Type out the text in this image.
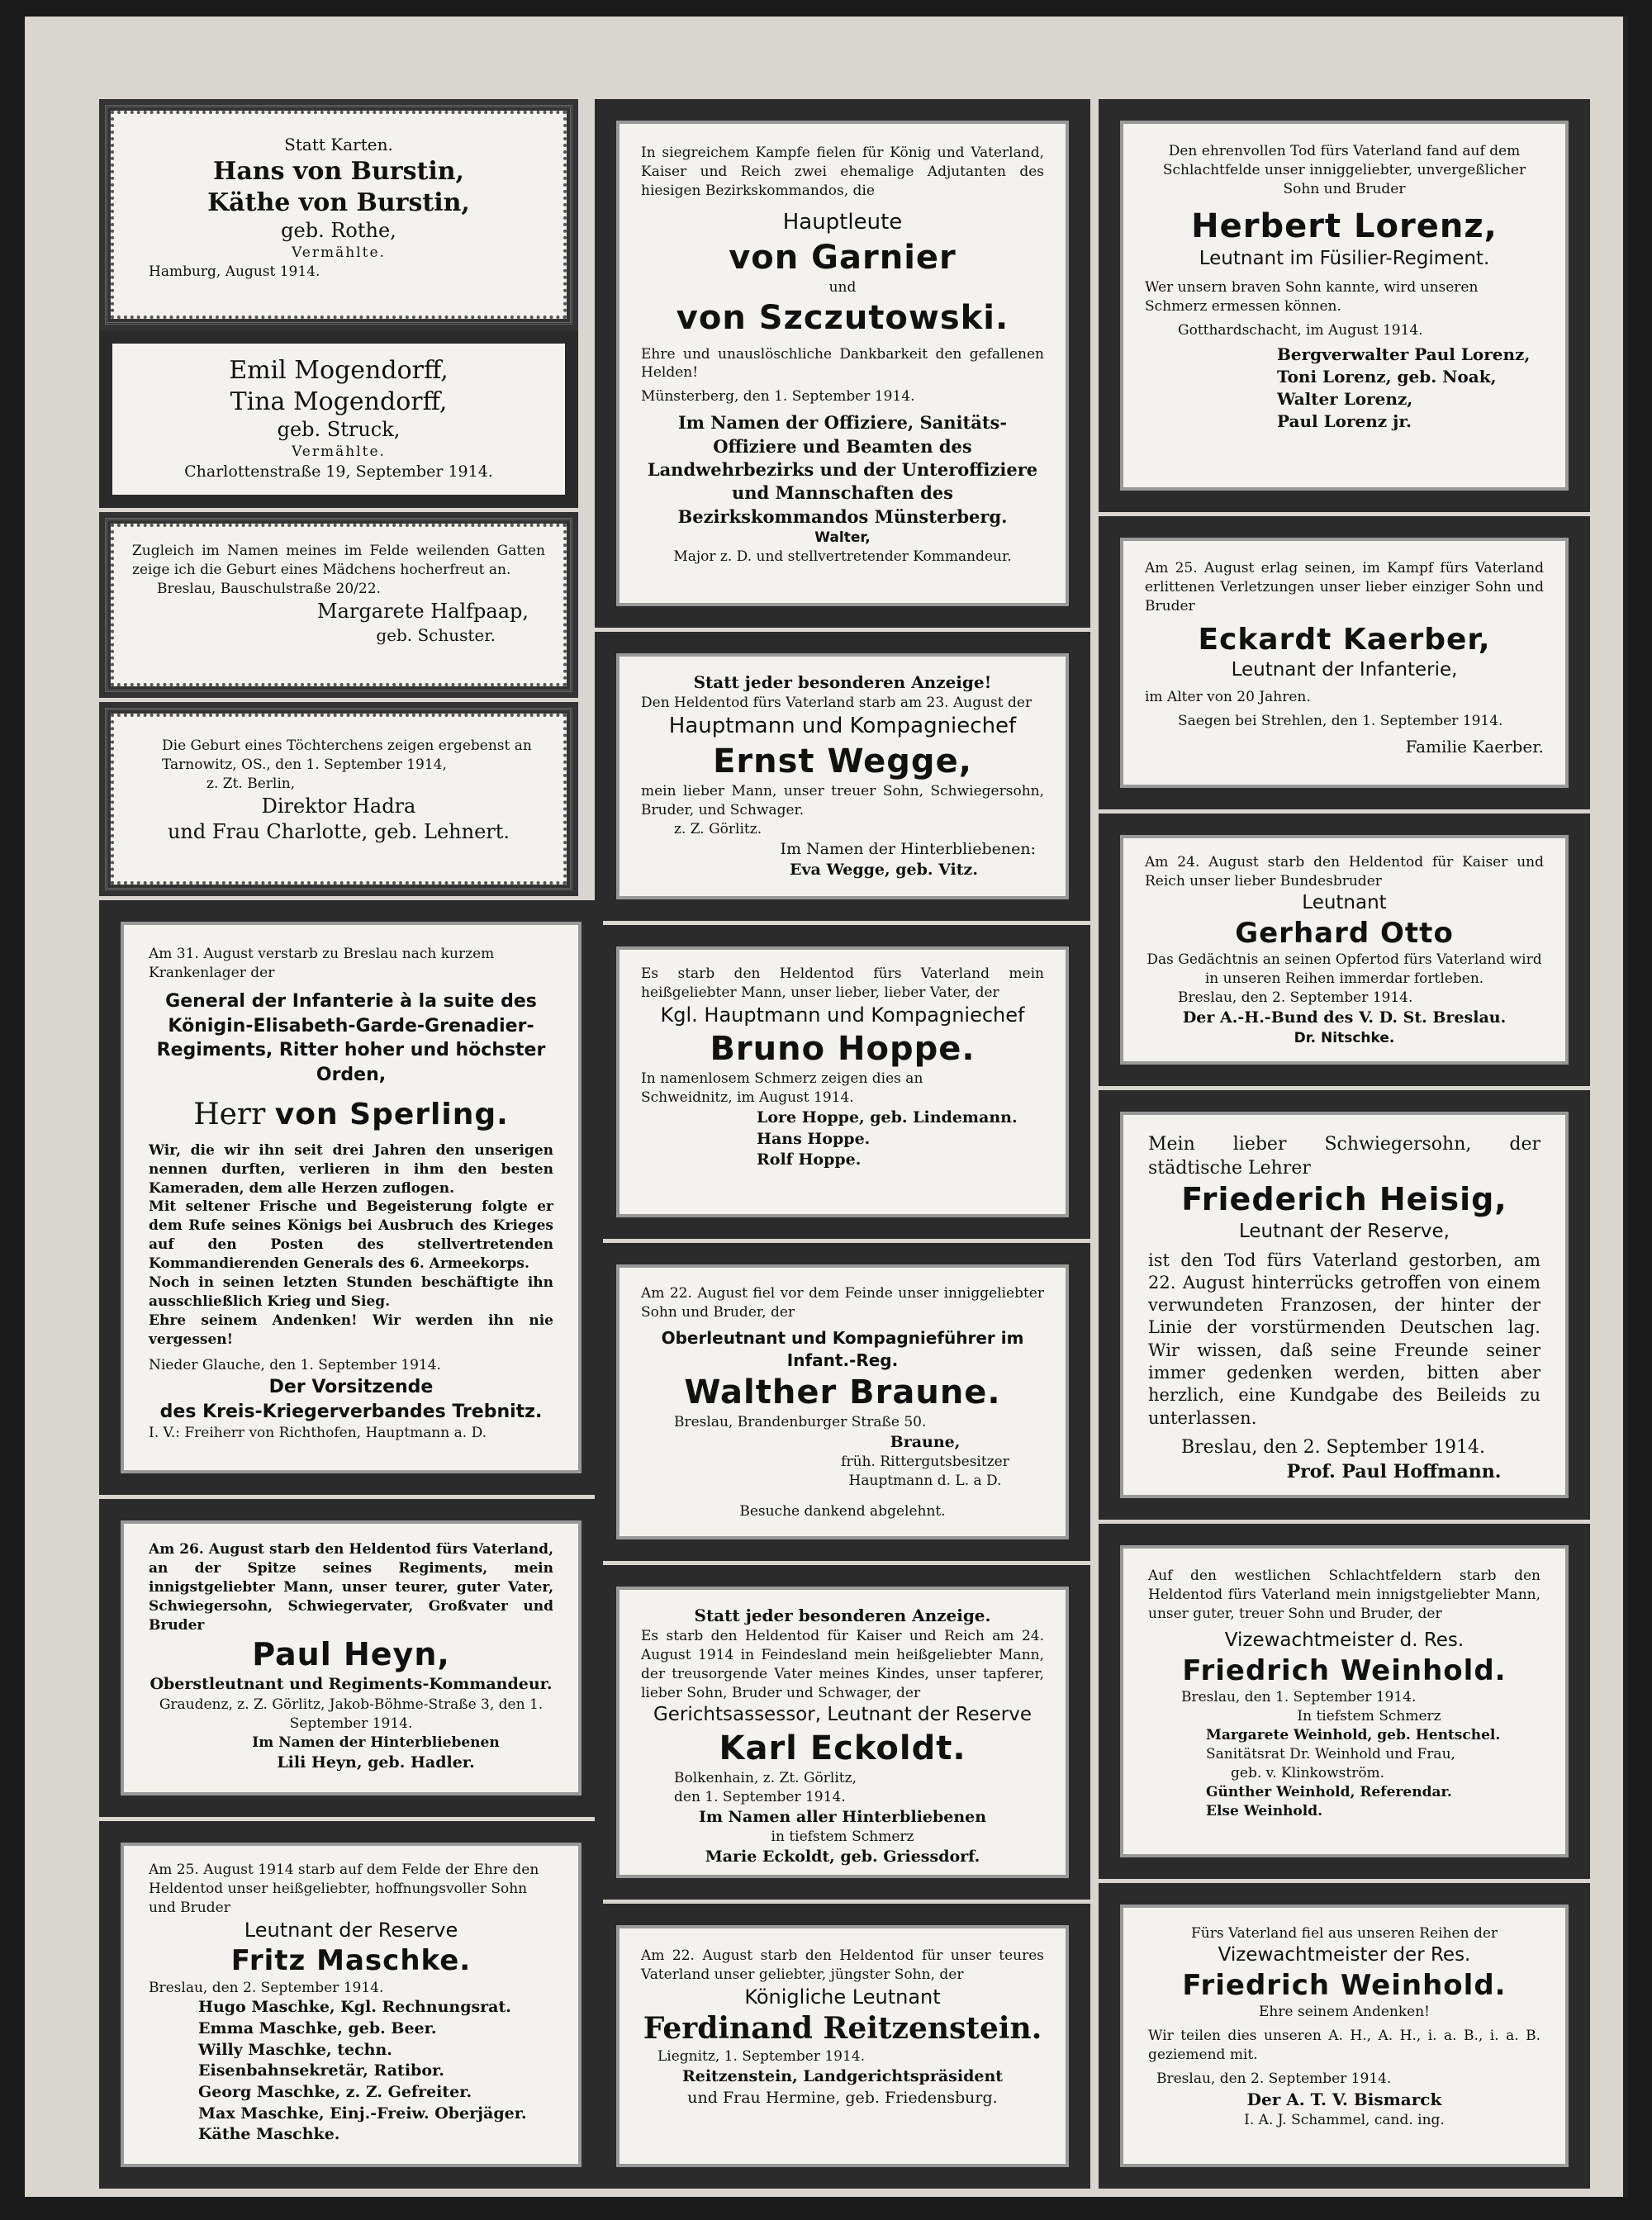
Statt Karten.
Hans von Burstin,
Käthe von Burstin,
geb. Rothe,
Vermählte.
Hamburg, August 1914.
Emil Mogendorff,
Tina Mogendorff,
geb. Struck,
Vermählte.
Charlottenstraße 19, September 1914.
Zugleich im Namen meines im Felde weilenden Gatten zeige ich die Geburt eines Mädchens hocherfreut an.
Breslau, Bauschulstraße 20/22.
Margarete Halfpaap,
geb. Schuster.
Die Geburt eines Töchterchens zeigen ergebenst an
Tarnowitz, OS., den 1. September 1914,
z. Zt. Berlin,
Direktor Hadra
und Frau Charlotte, geb. Lehnert.
Am 31. August verstarb zu Breslau nach kurzem Krankenlager der
General der Infanterie à la suite des Königin-Elisabeth-Garde-Grenadier-Regiments, Ritter hoher und höchster Orden,
Herr von Sperling.
Wir, die wir ihn seit drei Jahren den unserigen nennen durften, verlieren in ihm den besten Kameraden, dem alle Herzen zuflogen.
Mit seltener Frische und Begeisterung folgte er dem Rufe seines Königs bei Ausbruch des Krieges auf den Posten des stellvertretenden Kommandierenden Generals des 6. Armeekorps.
Noch in seinen letzten Stunden beschäftigte ihn ausschließlich Krieg und Sieg.
Ehre seinem Andenken! Wir werden ihn nie vergessen!
Nieder Glauche, den 1. September 1914.
Der Vorsitzende
des Kreis-Kriegerverbandes Trebnitz.
I. V.: Freiherr von Richthofen, Hauptmann a. D.
Am 26. August starb den Heldentod fürs Vaterland, an der Spitze seines Regiments, mein innigstgeliebter Mann, unser teurer, guter Vater, Schwiegersohn, Schwiegervater, Großvater und Bruder
Paul Heyn,
Oberstleutnant und Regiments-Kommandeur.
Graudenz, z. Z. Görlitz, Jakob-Böhme-Straße 3, den 1. September 1914.
Im Namen der Hinterbliebenen
Lili Heyn, geb. Hadler.
Am 25. August 1914 starb auf dem Felde der Ehre den Heldentod unser heißgeliebter, hoffnungsvoller Sohn und Bruder
Leutnant der Reserve
Fritz Maschke.
Breslau, den 2. September 1914.
Hugo Maschke, Kgl. Rechnungsrat.
Emma Maschke, geb. Beer.
Willy Maschke, techn. Eisenbahnsekretär, Ratibor.
Georg Maschke, z. Z. Gefreiter.
Max Maschke, Einj.-Freiw. Oberjäger.
Käthe Maschke.
In siegreichem Kampfe fielen für König und Vaterland, Kaiser und Reich zwei ehemalige Adjutanten des hiesigen Bezirkskommandos, die
Hauptleute
von Garnier
und
von Szczutowski.
Ehre und unauslöschliche Dankbarkeit den gefallenen Helden!
Münsterberg, den 1. September 1914.
Im Namen der Offiziere, Sanitäts-Offiziere und Beamten des Landwehrbezirks und der Unteroffiziere und Mannschaften des Bezirkskommandos Münsterberg.
Walter,
Major z. D. und stellvertretender Kommandeur.
Statt jeder besonderen Anzeige!
Den Heldentod fürs Vaterland starb am 23. August der
Hauptmann und Kompagniechef
Ernst Wegge,
mein lieber Mann, unser treuer Sohn, Schwiegersohn, Bruder, und Schwager.
z. Z. Görlitz.
Im Namen der Hinterbliebenen:
Eva Wegge, geb. Vitz.
Es starb den Heldentod fürs Vaterland mein heißgeliebter Mann, unser lieber, lieber Vater, der
Kgl. Hauptmann und Kompagniechef
Bruno Hoppe.
In namenlosem Schmerz zeigen dies an
Schweidnitz, im August 1914.
Lore Hoppe, geb. Lindemann.
Hans Hoppe.
Rolf Hoppe.
Am 22. August fiel vor dem Feinde unser inniggeliebter Sohn und Bruder, der
Oberleutnant und Kompagnieführer im Infant.-Reg.
Walther Braune.
Breslau, Brandenburger Straße 50.
Braune,
früh. Rittergutsbesitzer
Hauptmann d. L. a D.
Besuche dankend abgelehnt.
Statt jeder besonderen Anzeige.
Es starb den Heldentod für Kaiser und Reich am 24. August 1914 in Feindesland mein heißgeliebter Mann, der treusorgende Vater meines Kindes, unser tapferer, lieber Sohn, Bruder und Schwager, der
Gerichtsassessor, Leutnant der Reserve
Karl Eckoldt.
Bolkenhain, z. Zt. Görlitz, den 1. September 1914.
Im Namen aller Hinterbliebenen
in tiefstem Schmerz
Marie Eckoldt, geb. Griessdorf.
Am 22. August starb den Heldentod für unser teures Vaterland unser geliebter, jüngster Sohn, der
Königliche Leutnant
Ferdinand Reitzenstein.
Liegnitz, 1. September 1914.
Reitzenstein, Landgerichtspräsident
und Frau Hermine, geb. Friedensburg.
Den ehrenvollen Tod fürs Vaterland fand auf dem Schlachtfelde unser inniggeliebter, unvergeßlicher Sohn und Bruder
Herbert Lorenz,
Leutnant im Füsilier-Regiment.
Wer unsern braven Sohn kannte, wird unseren Schmerz ermessen können.
Gotthardschacht, im August 1914.
Bergverwalter Paul Lorenz,
Toni Lorenz, geb. Noak,
Walter Lorenz,
Paul Lorenz jr.
Am 25. August erlag seinen, im Kampf fürs Vaterland erlittenen Verletzungen unser lieber einziger Sohn und Bruder
Eckardt Kaerber,
Leutnant der Infanterie,
im Alter von 20 Jahren.
Saegen bei Strehlen, den 1. September 1914.
Familie Kaerber.
Am 24. August starb den Heldentod für Kaiser und Reich unser lieber Bundesbruder
Leutnant
Gerhard Otto
Das Gedächtnis an seinen Opfertod fürs Vaterland wird in unseren Reihen immerdar fortleben.
Breslau, den 2. September 1914.
Der A.-H.-Bund des V. D. St. Breslau.
Dr. Nitschke.
Mein lieber Schwiegersohn, der städtische Lehrer
Friederich Heisig,
Leutnant der Reserve,
ist den Tod fürs Vaterland gestorben, am 22. August hinterrücks getroffen von einem verwundeten Franzosen, der hinter der Linie der vorstürmenden Deutschen lag. Wir wissen, daß seine Freunde seiner immer gedenken werden, bitten aber herzlich, eine Kundgabe des Beileids zu unterlassen.
Breslau, den 2. September 1914.
Prof. Paul Hoffmann.
Auf den westlichen Schlachtfeldern starb den Heldentod fürs Vaterland mein innigstgeliebter Mann, unser guter, treuer Sohn und Bruder, der
Vizewachtmeister d. Res.
Friedrich Weinhold.
Breslau, den 1. September 1914.
In tiefstem Schmerz
Margarete Weinhold, geb. Hentschel.
Sanitätsrat Dr. Weinhold und Frau,
geb. v. Klinkowström.
Günther Weinhold, Referendar.
Else Weinhold.
Fürs Vaterland fiel aus unseren Reihen der
Vizewachtmeister der Res.
Friedrich Weinhold.
Ehre seinem Andenken!
Wir teilen dies unseren A. H., A. H., i. a. B., i. a. B. geziemend mit.
Breslau, den 2. September 1914.
Der A. T. V. Bismarck
I. A. J. Schammel, cand. ing.
